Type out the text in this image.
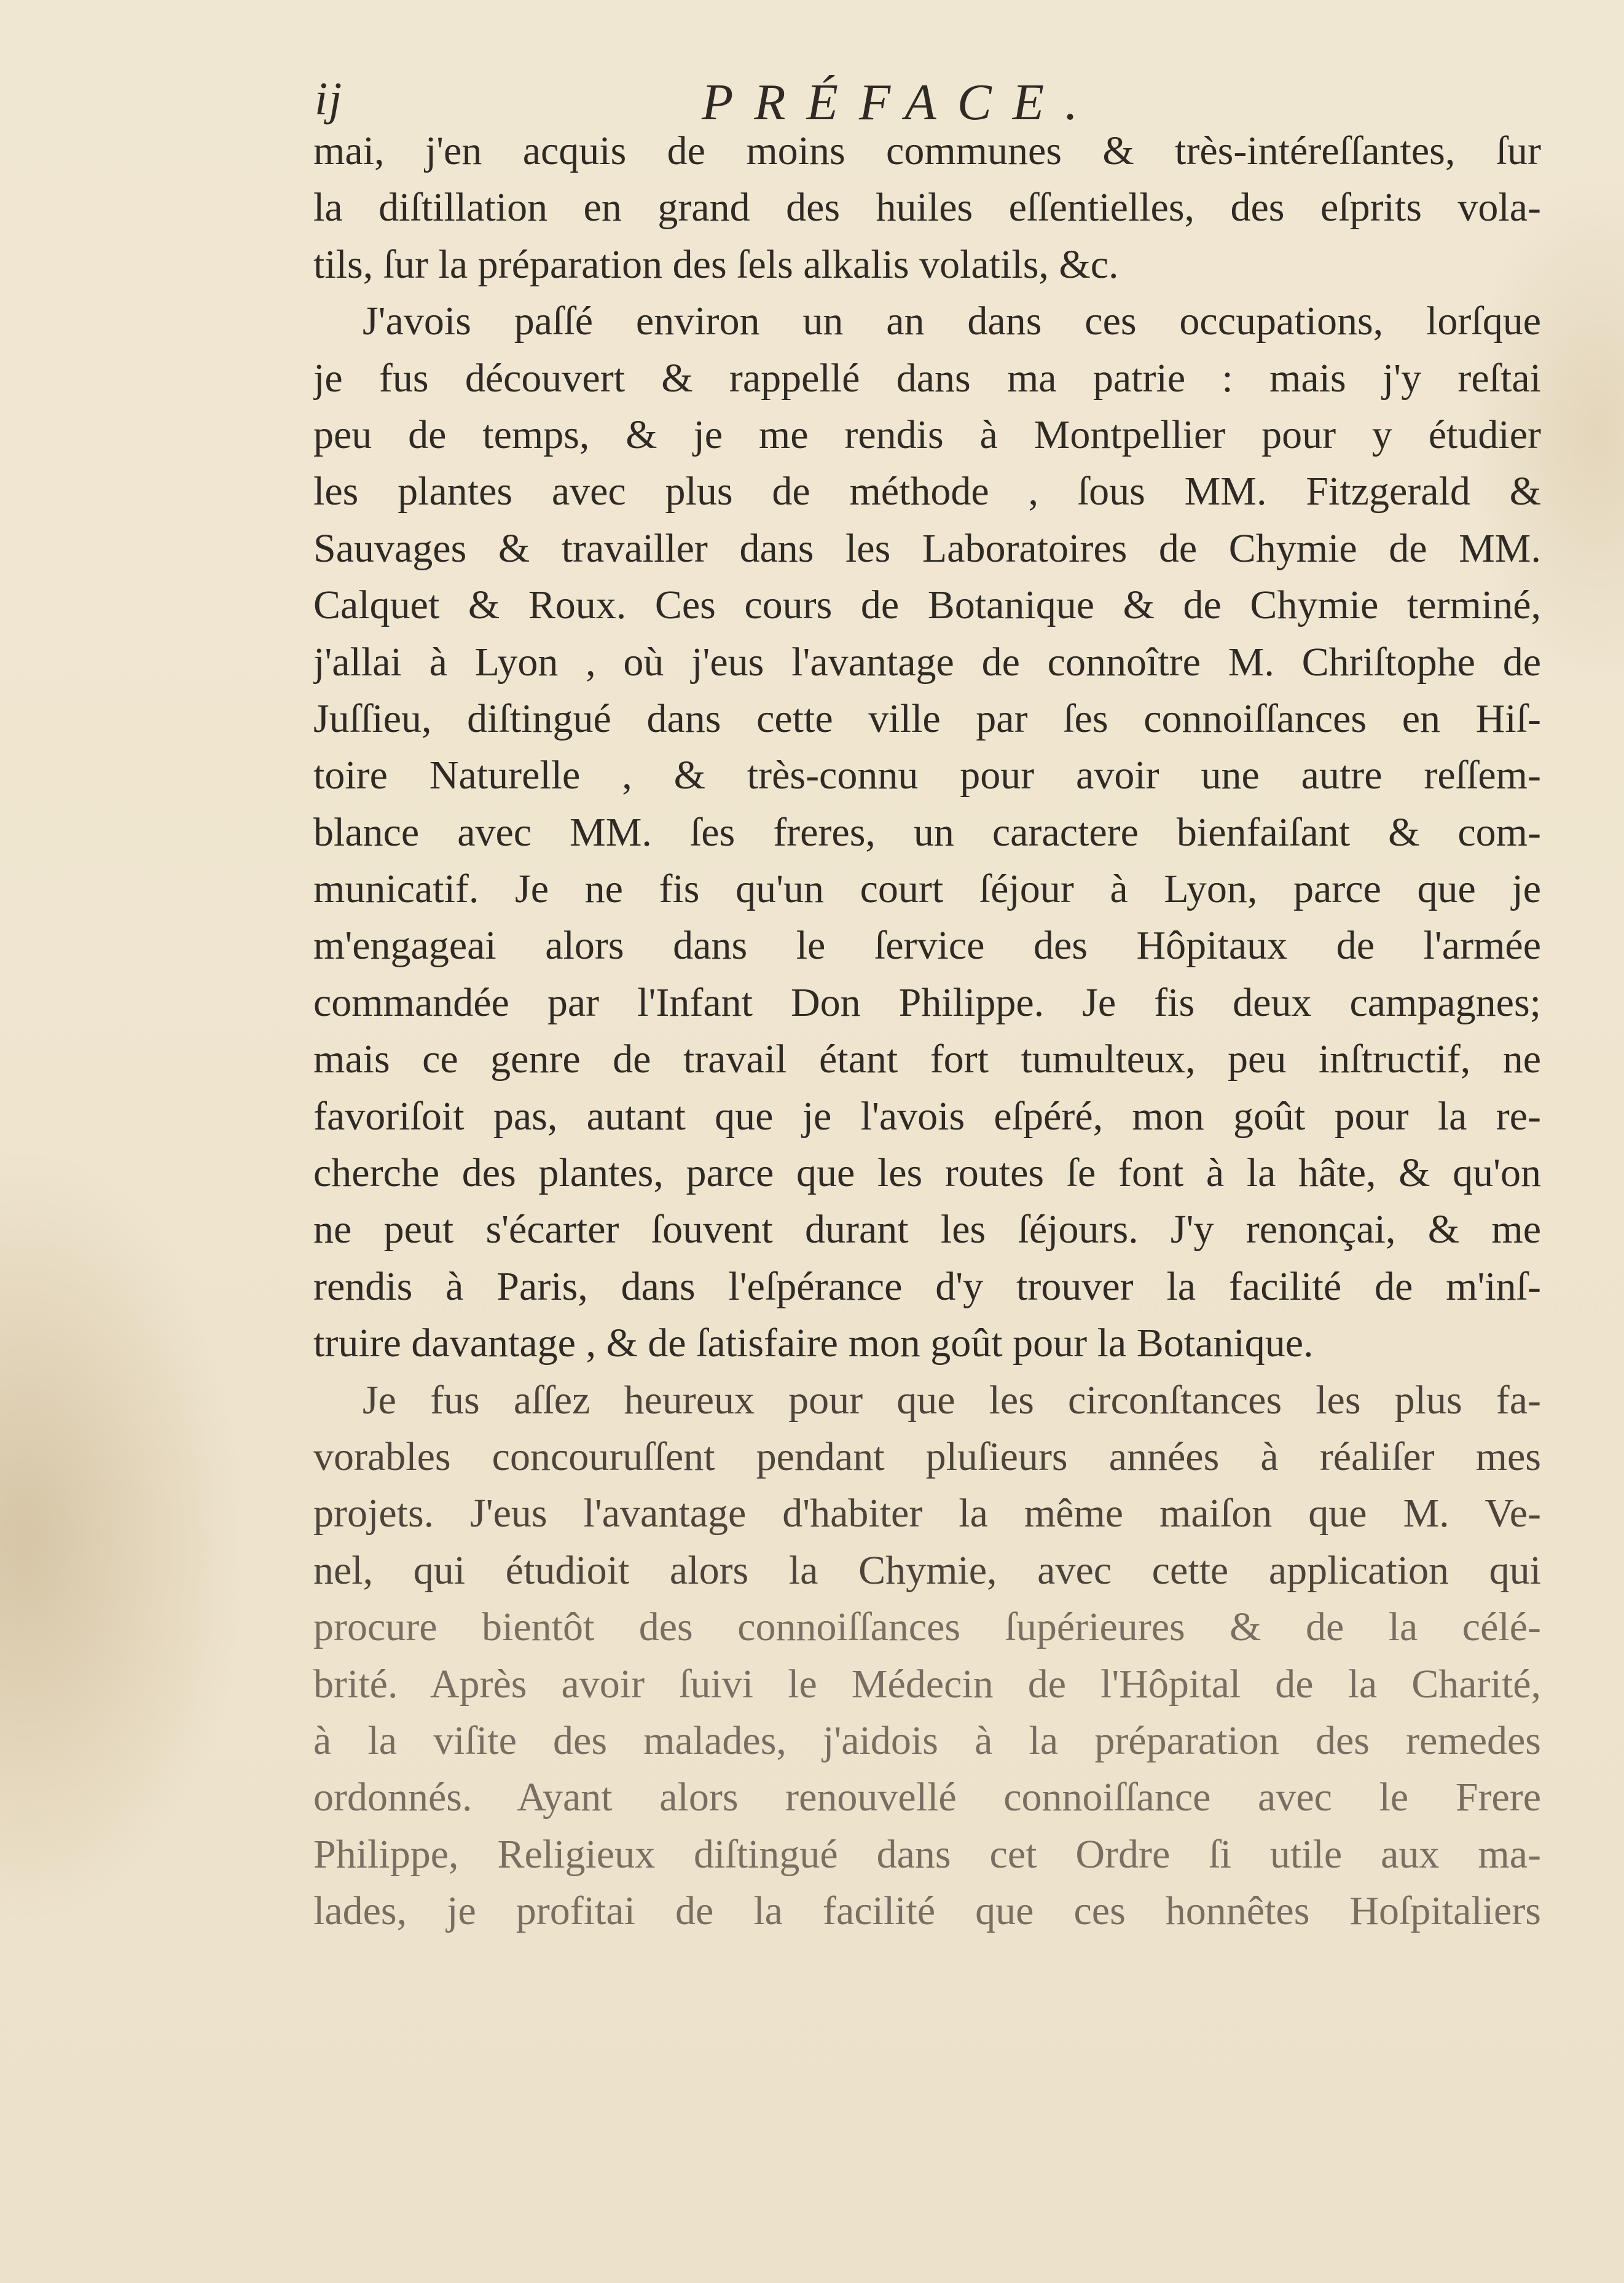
ij	PRÉFACE.
mai, j'en acquis de moins communes & très-intéreſſantes, ſur
la diſtillation en grand des huiles eſſentielles, des eſprits vola-
tils, ſur la préparation des ſels alkalis volatils, &c.
J'avois paſſé environ un an dans ces occupations, lorſque
je fus découvert & rappellé dans ma patrie : mais j'y reſtai
peu de temps, & je me rendis à Montpellier pour y étudier
les plantes avec plus de méthode , ſous MM. Fitzgerald &
Sauvages & travailler dans les Laboratoires de Chymie de MM.
Calquet & Roux. Ces cours de Botanique & de Chymie terminé,
j'allai à Lyon , où j'eus l'avantage de connoître M. Chriſtophe de
Juſſieu, diſtingué dans cette ville par ſes connoiſſances en Hiſ-
toire Naturelle , & très-connu pour avoir une autre reſſem-
blance avec MM. ſes freres, un caractere bienfaiſant & com-
municatif. Je ne fis qu'un court ſéjour à Lyon, parce que je
m'engageai alors dans le ſervice des Hôpitaux de l'armée
commandée par l'Infant Don Philippe. Je fis deux campagnes;
mais ce genre de travail étant fort tumulteux, peu inſtructif, ne
favoriſoit pas, autant que je l'avois eſpéré, mon goût pour la re-
cherche des plantes, parce que les routes ſe font à la hâte, & qu'on
ne peut s'écarter ſouvent durant les ſéjours. J'y renonçai, & me
rendis à Paris, dans l'eſpérance d'y trouver la facilité de m'inſ-
truire davantage , & de ſatisfaire mon goût pour la Botanique.
Je fus aſſez heureux pour que les circonſtances les plus fa-
vorables concouruſſent pendant pluſieurs années à réaliſer mes
projets. J'eus l'avantage d'habiter la même maiſon que M. Ve-
nel, qui étudioit alors la Chymie, avec cette application qui
procure bientôt des connoiſſances ſupérieures & de la célé-
brité. Après avoir ſuivi le Médecin de l'Hôpital de la Charité,
à la viſite des malades, j'aidois à la préparation des remedes
ordonnés. Ayant alors renouvellé connoiſſance avec le Frere
Philippe, Religieux diſtingué dans cet Ordre ſi utile aux ma-
lades, je profitai de la facilité que ces honnêtes Hoſpitaliers
